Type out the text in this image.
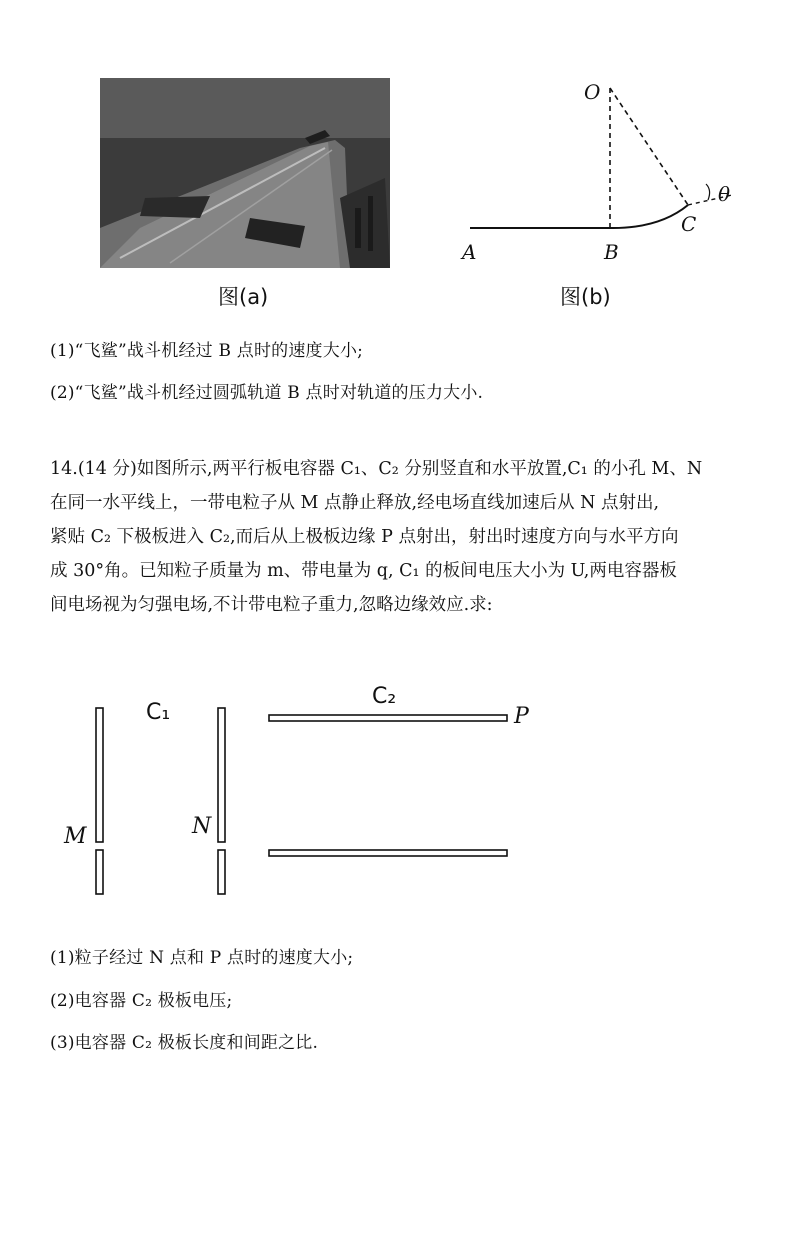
图(a)
O
A	B
C
θ
图(b)
(1)“飞鲨”战斗机经过 B 点时的速度大小;
(2)“飞鲨”战斗机经过圆弧轨道 B 点时对轨道的压力大小.
14.(14 分)如图所示,两平行板电容器 C₁、C₂ 分别竖直和水平放置,C₁ 的小孔 M、N
在同一水平线上，一带电粒子从 M 点静止释放,经电场直线加速后从 N 点射出,
紧贴 C₂ 下极板进入 C₂,而后从上极板边缘 P 点射出，射出时速度方向与水平方向
成 30°角。已知粒子质量为 m、带电量为 q, C₁ 的板间电压大小为 U,两电容器板
间电场视为匀强电场,不计带电粒子重力,忽略边缘效应.求:
C₁
C₂
P
M	N
(1)粒子经过 N 点和 P 点时的速度大小;
(2)电容器 C₂ 极板电压;
(3)电容器 C₂ 极板长度和间距之比.
